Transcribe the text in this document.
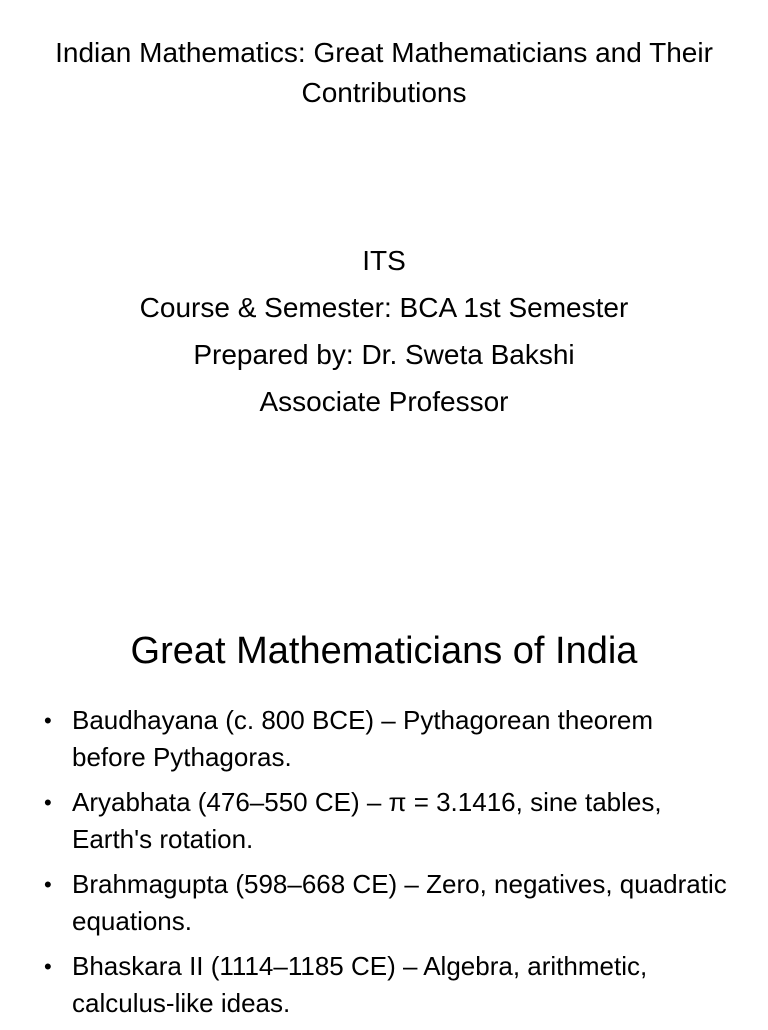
Indian Mathematics: Great Mathematicians and Their Contributions
ITS
Course & Semester: BCA 1st Semester
Prepared by: Dr. Sweta Bakshi
Associate Professor
Great Mathematicians of India
• Baudhayana (c. 800 BCE) – Pythagorean theorem before Pythagoras.
• Aryabhata (476–550 CE) – π = 3.1416, sine tables, Earth's rotation.
• Brahmagupta (598–668 CE) – Zero, negatives, quadratic equations.
• Bhaskara II (1114–1185 CE) – Algebra, arithmetic, calculus-like ideas.
